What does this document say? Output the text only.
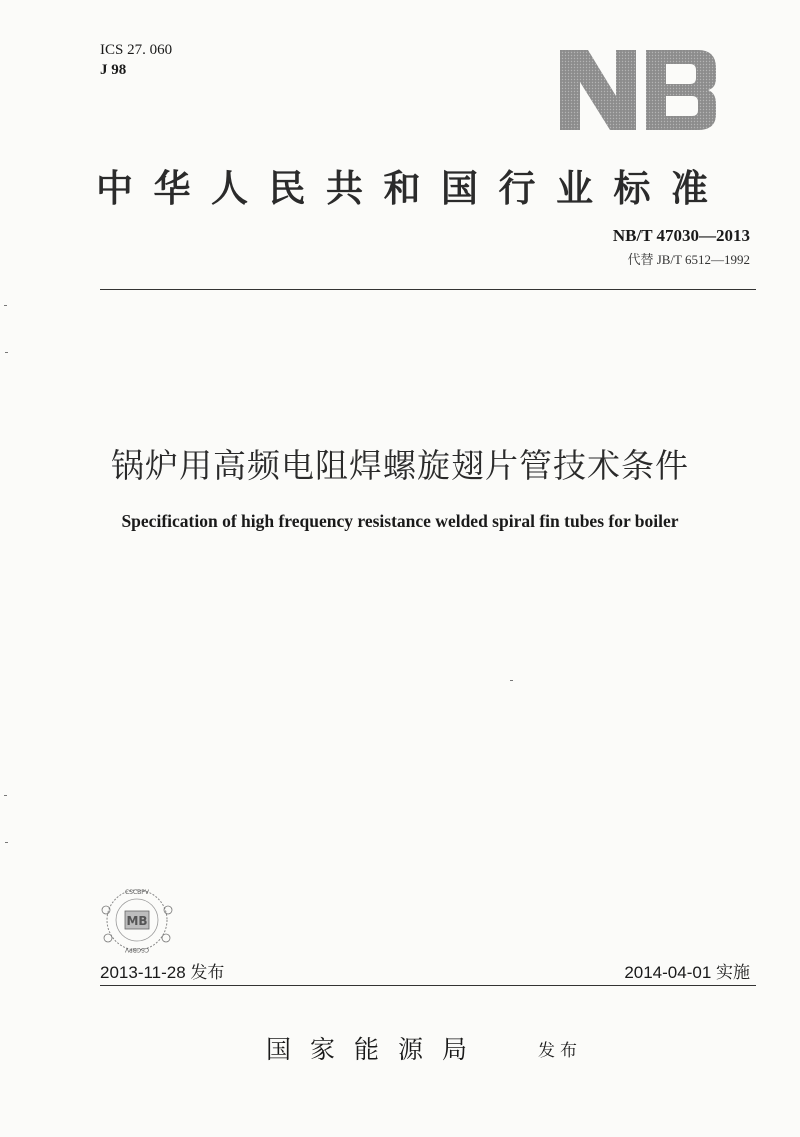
ICS 27. 060
J 98
中华人民共和国行业标准
NB/T 47030—2013
代替 JB/T 6512—1992
锅炉用高频电阻焊螺旋翅片管技术条件
Specification of high frequency resistance welded spiral fin tubes for boiler
MB
CSCBPV
CSCBPV
2013-11-28 发布	2014-04-01 实施
国家能源局	发布
